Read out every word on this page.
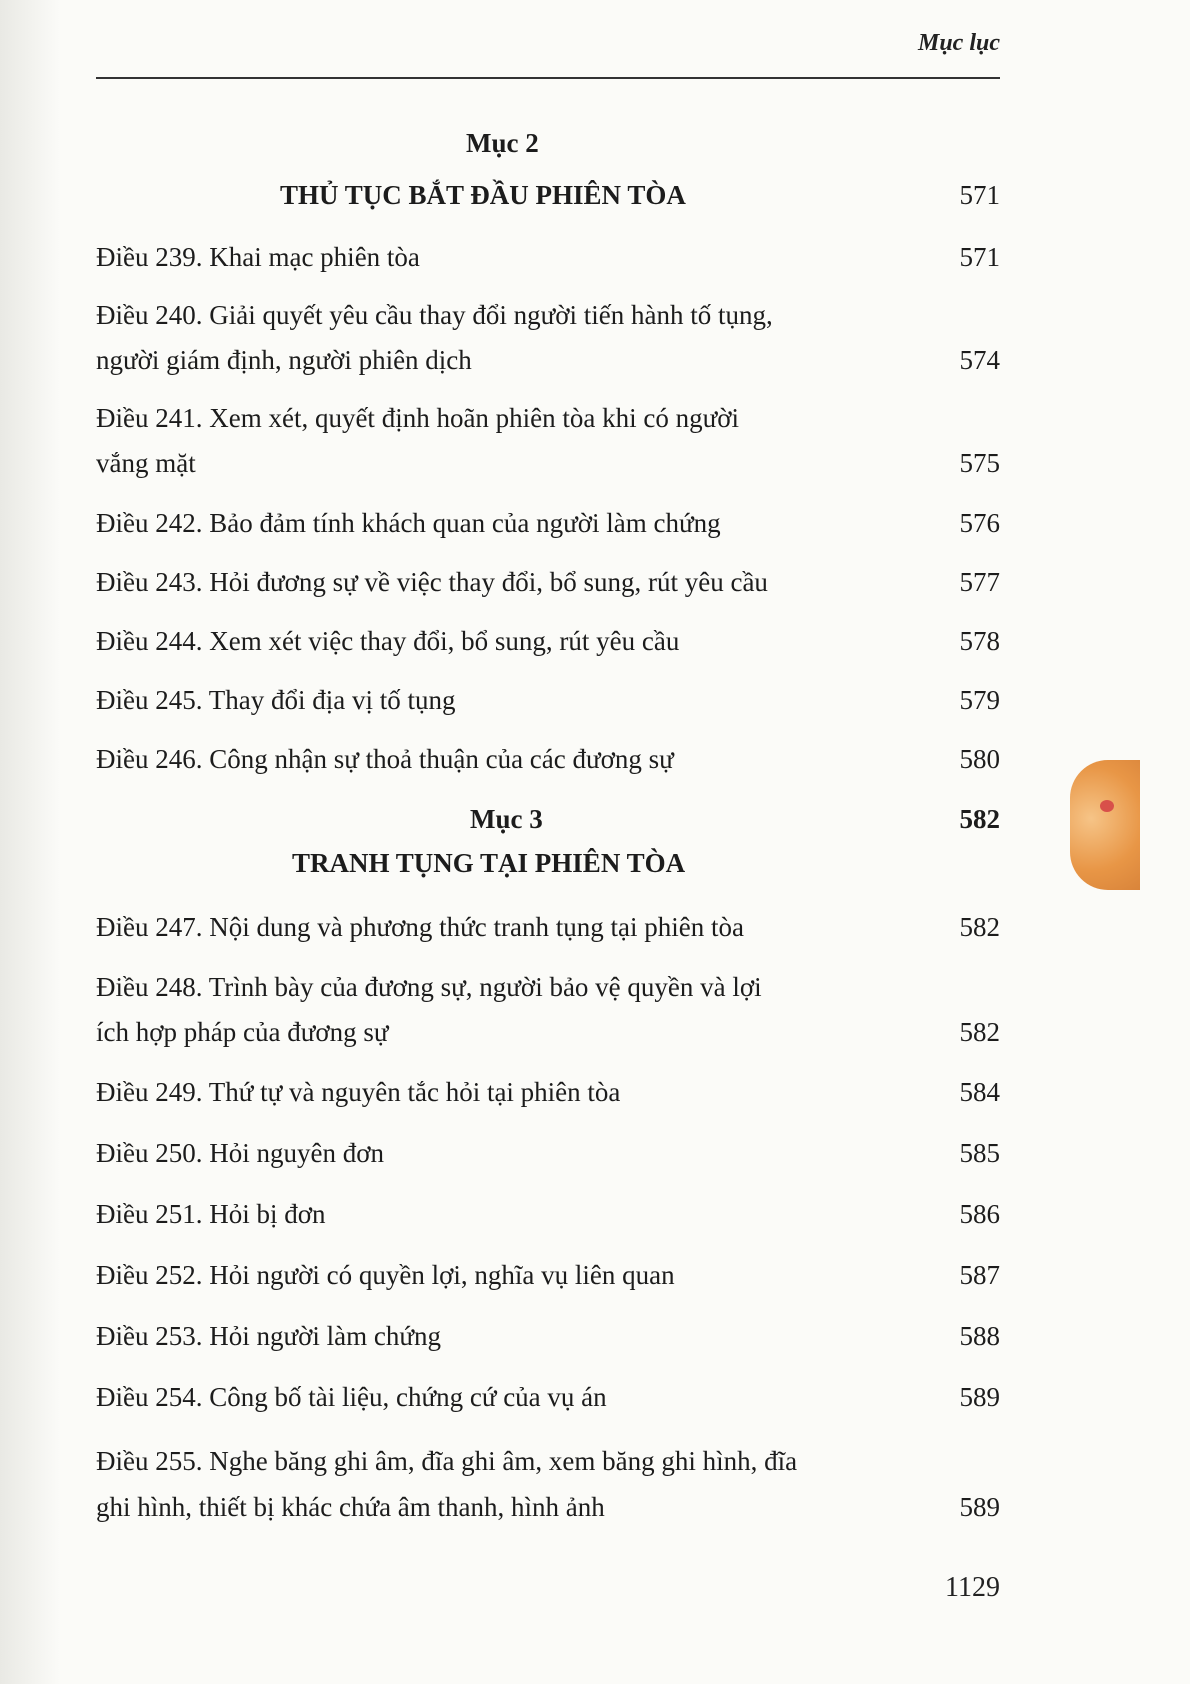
Mục lục
Mục 2
THỦ TỤC BẮT ĐẦU PHIÊN TÒA	571
Điều 239. Khai mạc phiên tòa	571
Điều 240. Giải quyết yêu cầu thay đổi người tiến hành tố tụng,
người giám định, người phiên dịch	574
Điều 241. Xem xét, quyết định hoãn phiên tòa khi có người
vắng mặt	575
Điều 242. Bảo đảm tính khách quan của người làm chứng	576
Điều 243. Hỏi đương sự về việc thay đổi, bổ sung, rút yêu cầu	577
Điều 244. Xem xét việc thay đổi, bổ sung, rút yêu cầu	578
Điều 245. Thay đổi địa vị tố tụng	579
Điều 246. Công nhận sự thoả thuận của các đương sự	580
Mục 3	582
TRANH TỤNG TẠI PHIÊN TÒA
Điều 247. Nội dung và phương thức tranh tụng tại phiên tòa	582
Điều 248. Trình bày của đương sự, người bảo vệ quyền và lợi
ích hợp pháp của đương sự	582
Điều 249. Thứ tự và nguyên tắc hỏi tại phiên tòa	584
Điều 250. Hỏi nguyên đơn	585
Điều 251. Hỏi bị đơn	586
Điều 252. Hỏi người có quyền lợi, nghĩa vụ liên quan	587
Điều 253. Hỏi người làm chứng	588
Điều 254. Công bố tài liệu, chứng cứ của vụ án	589
Điều 255. Nghe băng ghi âm, đĩa ghi âm, xem băng ghi hình, đĩa
ghi hình, thiết bị khác chứa âm thanh, hình ảnh	589
1129
